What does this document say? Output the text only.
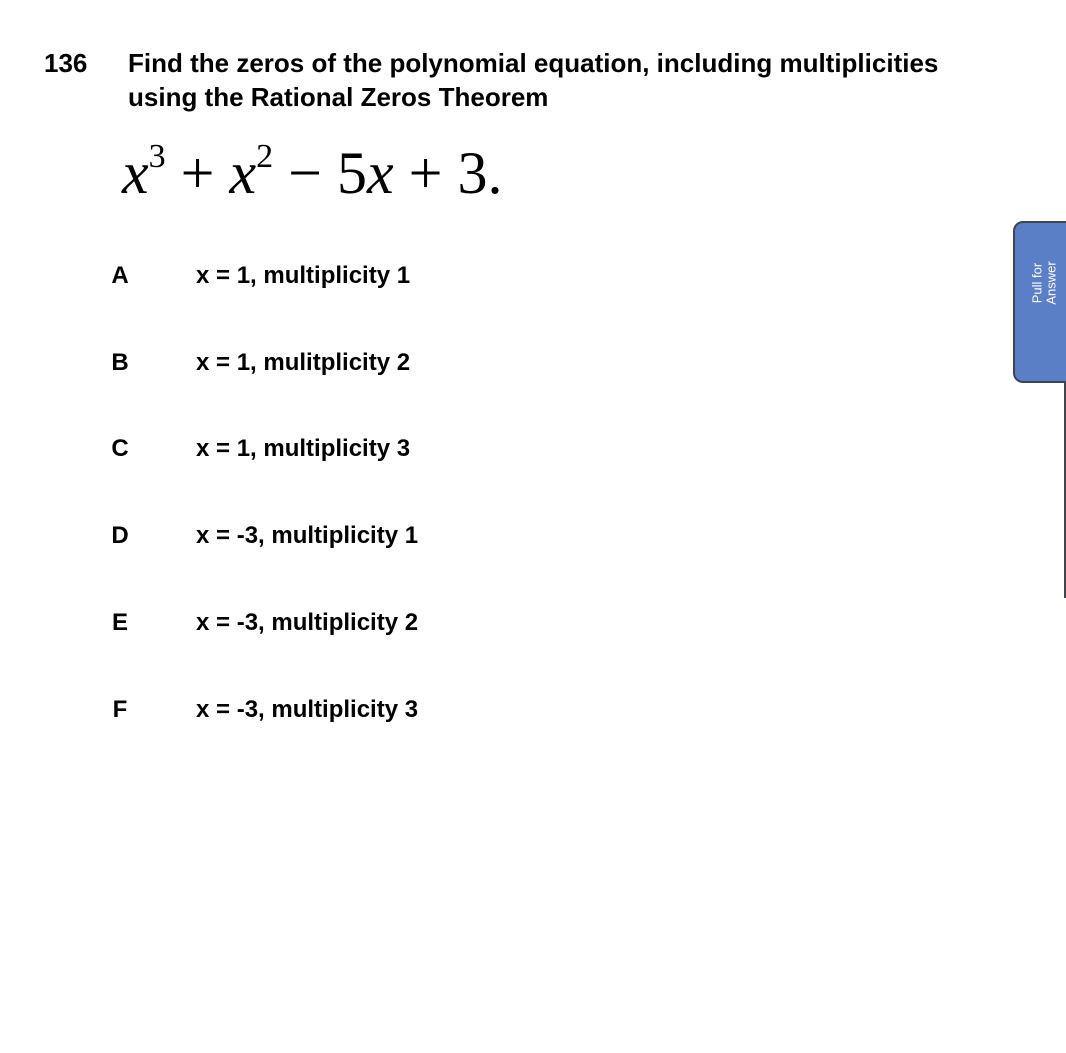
136 Find the zeros of the polynomial equation, including multiplicities
using the Rational Zeros Theorem
$x^3 + x^2 - 5x + 3$.
A	x = 1, multiplicity 1
B	x = 1, mulitplicity 2
C	x = 1, multiplicity 3
D	x = -3, multiplicity 1
E	x = -3, multiplicity 2
F	x = -3, multiplicity 3
Pull for
Answer
